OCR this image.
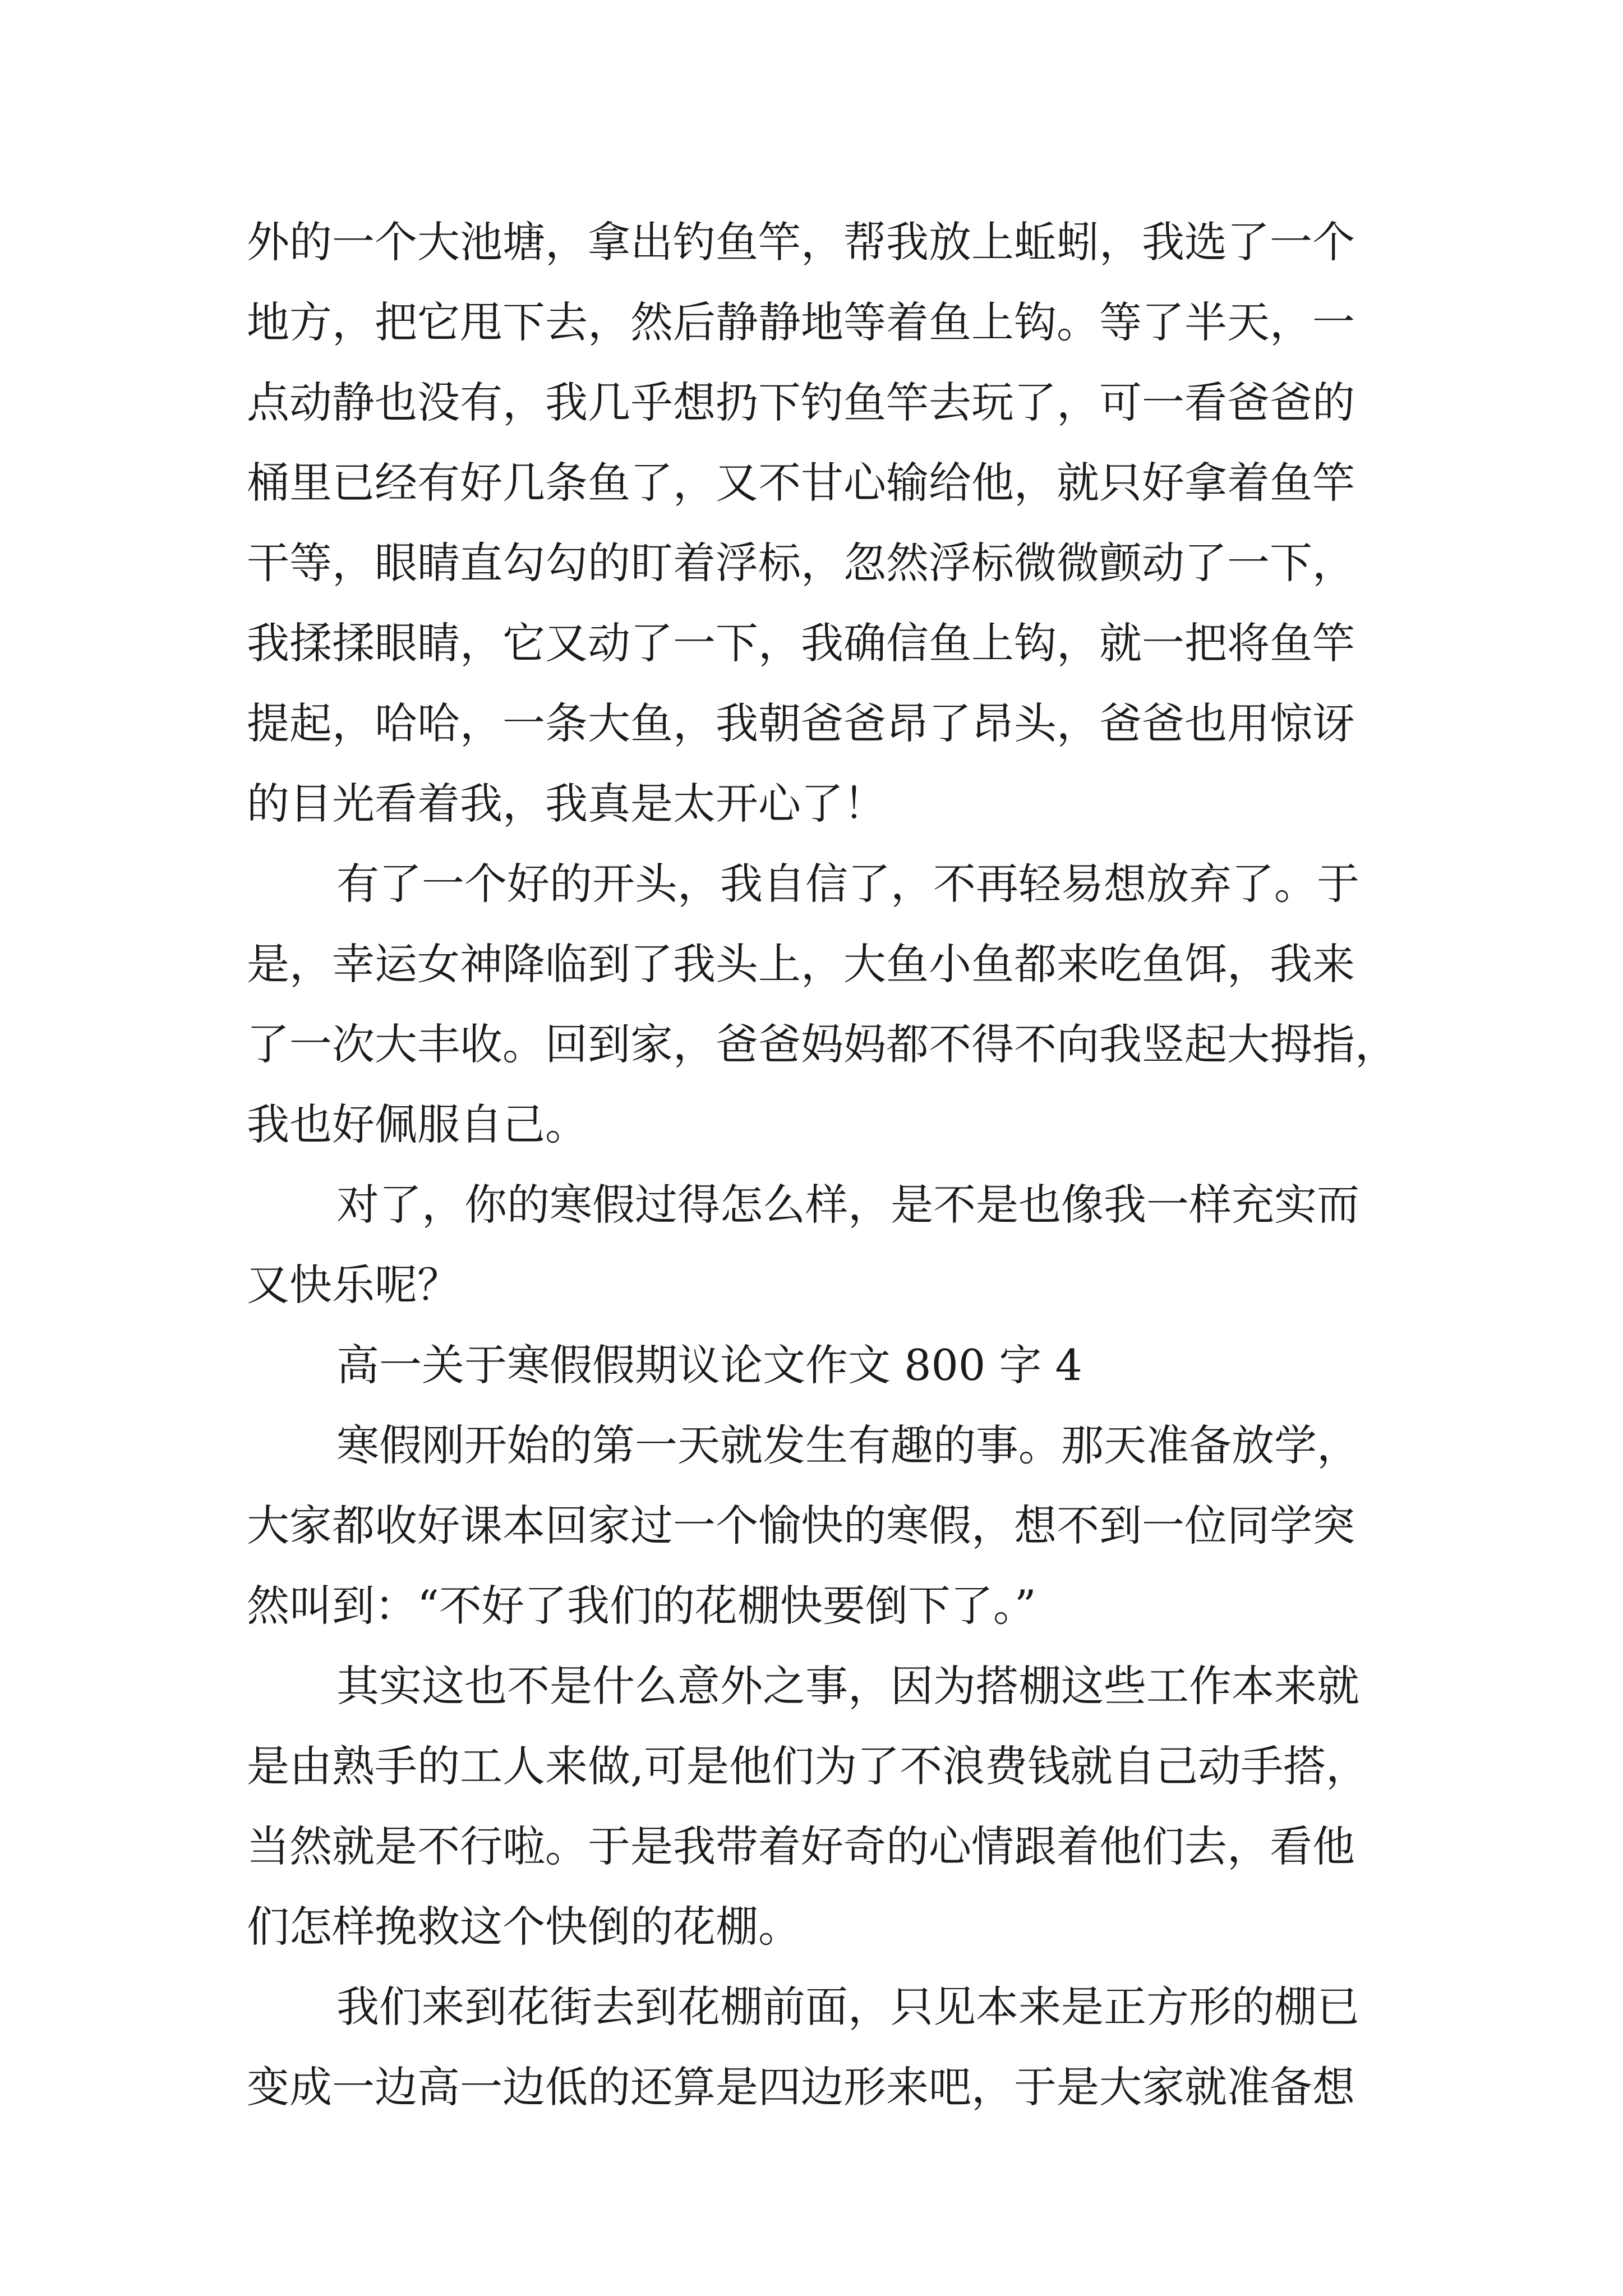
外的一个大池塘，拿出钓鱼竿，帮我放上蚯蚓，我选了一个
地方，把它甩下去，然后静静地等着鱼上钩。等了半天，一
点动静也没有，我几乎想扔下钓鱼竿去玩了，可一看爸爸的
桶里已经有好几条鱼了，又不甘心输给他，就只好拿着鱼竿
干等，眼睛直勾勾的盯着浮标，忽然浮标微微颤动了一下，
我揉揉眼睛，它又动了一下，我确信鱼上钩，就一把将鱼竿
提起，哈哈，一条大鱼，我朝爸爸昂了昂头，爸爸也用惊讶
的目光看着我，我真是太开心了！
有了一个好的开头，我自信了，不再轻易想放弃了。于
是，幸运女神降临到了我头上，大鱼小鱼都来吃鱼饵，我来
了一次大丰收。回到家，爸爸妈妈都不得不向我竖起大拇指，
我也好佩服自己。
对了，你的寒假过得怎么样，是不是也像我一样充实而
又快乐呢？
高一关于寒假假期议论文作文 800 字 4
寒假刚开始的第一天就发生有趣的事。那天准备放学，
大家都收好课本回家过一个愉快的寒假，想不到一位同学突
然叫到：“不好了我们的花棚快要倒下了。”
其实这也不是什么意外之事，因为搭棚这些工作本来就
是由熟手的工人来做,可是他们为了不浪费钱就自己动手搭，
当然就是不行啦。于是我带着好奇的心情跟着他们去，看他
们怎样挽救这个快倒的花棚。
我们来到花街去到花棚前面，只见本来是正方形的棚已
变成一边高一边低的还算是四边形来吧，于是大家就准备想
